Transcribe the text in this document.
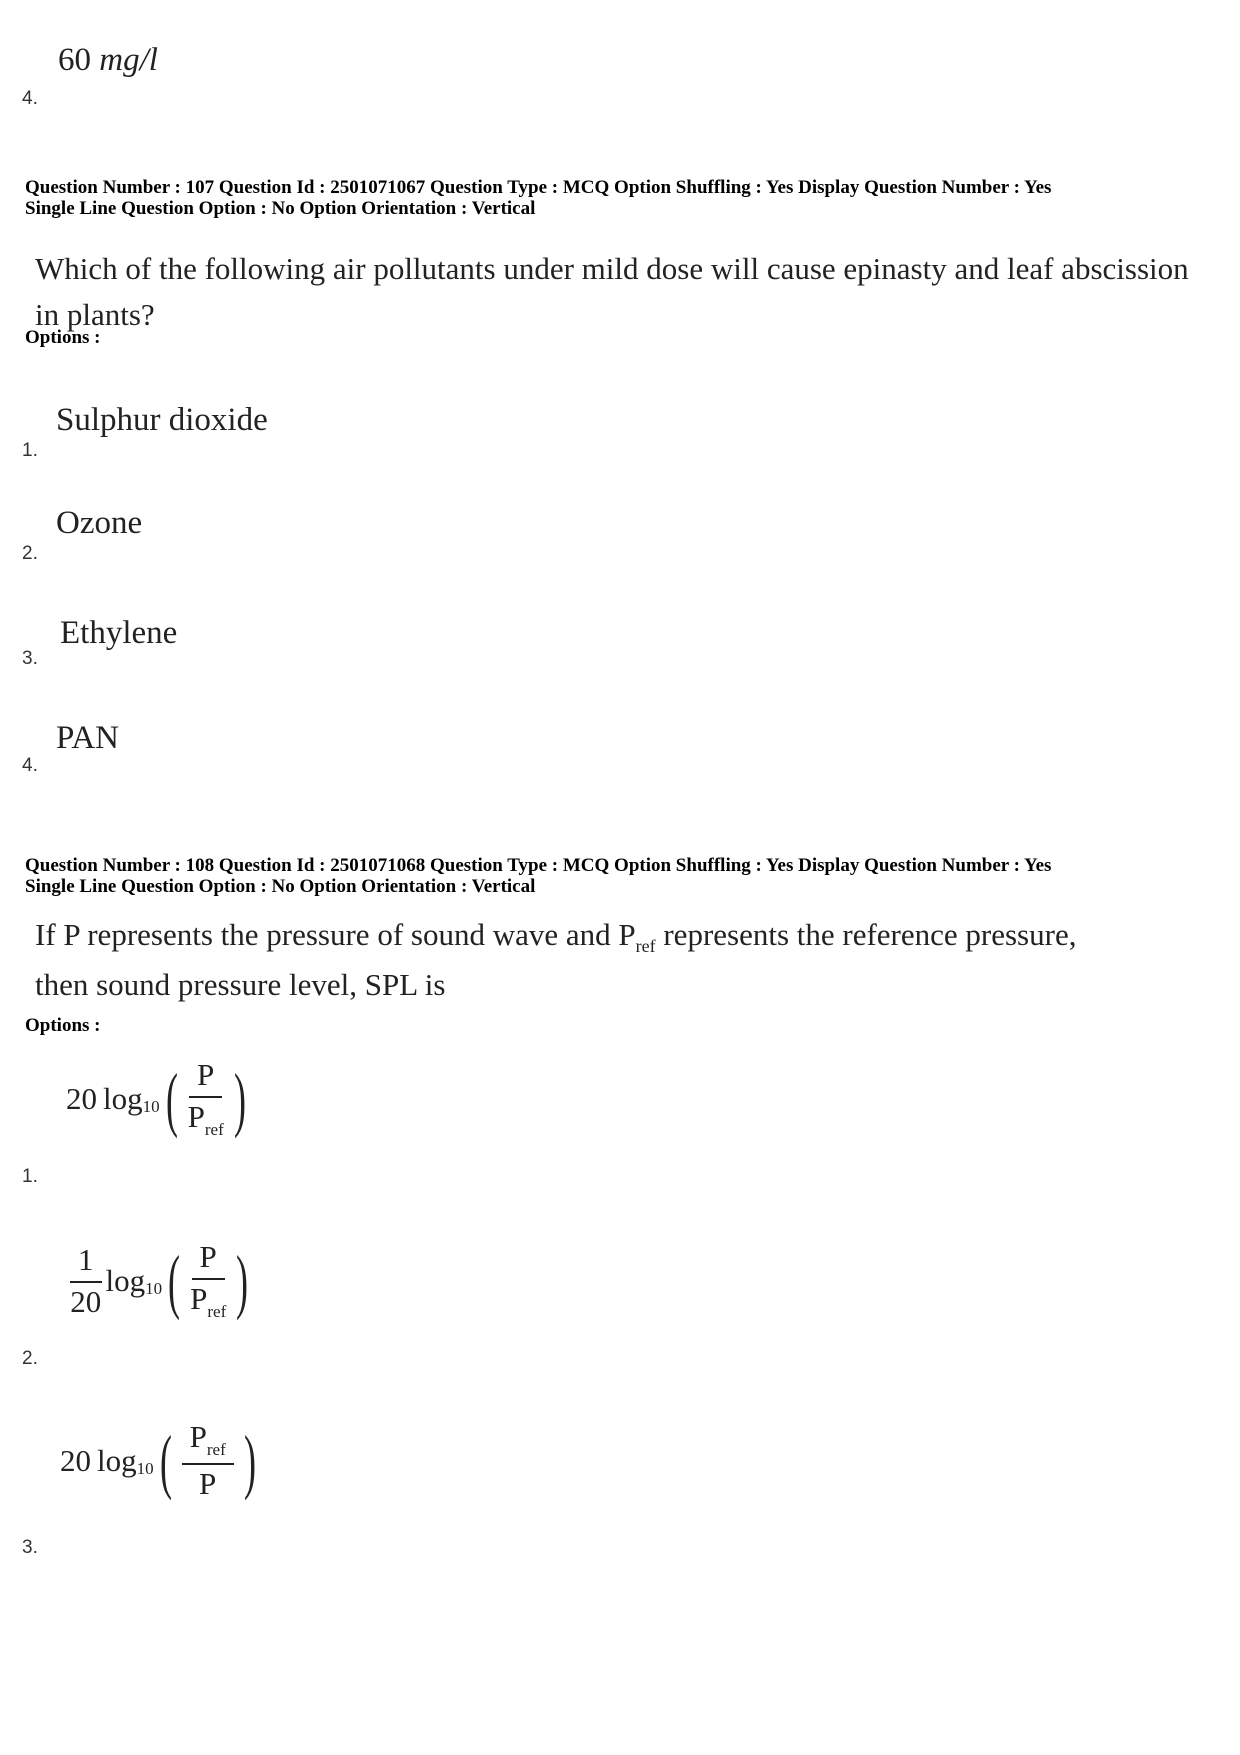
60 mg/l
4.
Question Number : 107 Question Id : 2501071067 Question Type : MCQ Option Shuffling : Yes Display Question Number : Yes
Single Line Question Option : No Option Orientation : Vertical
Which of the following air pollutants under mild dose will cause epinasty and leaf abscission in plants?
Options :
Sulphur dioxide
1.
Ozone
2.
Ethylene
3.
PAN
4.
Question Number : 108 Question Id : 2501071068 Question Type : MCQ Option Shuffling : Yes Display Question Number : Yes
Single Line Question Option : No Option Orientation : Vertical
If P represents the pressure of sound wave and $P_{ref}$ represents the reference pressure,
then sound pressure level, SPL is
Options :
20 log 10 ( $\frac{P}{P_{ref}}$ )
1.
$\frac{1}{20}$ log 10 ( $\frac{P}{P_{ref}}$ )
2.
20 log 10 ( $\frac{P_{ref}}{P}$ )
3.
